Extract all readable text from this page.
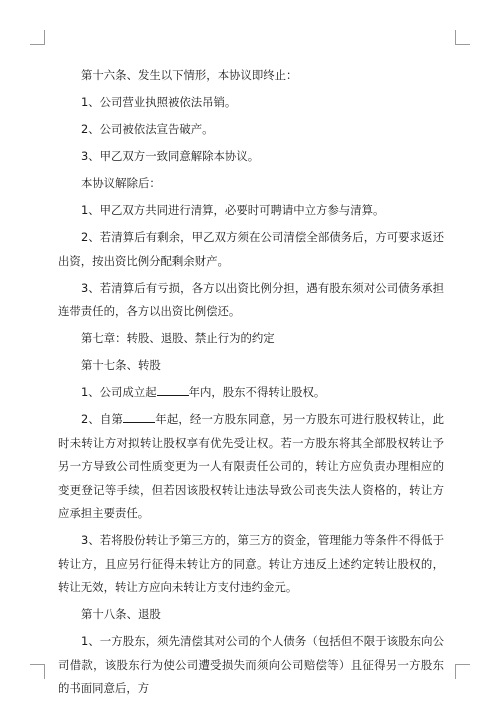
第十六条、发生以下情形，本协议即终止：

1、公司营业执照被依法吊销。

2、公司被依法宣告破产。

3、甲乙双方一致同意解除本协议。

本协议解除后：

1、甲乙双方共同进行清算，必要时可聘请中立方参与清算。

2、若清算后有剩余，甲乙双方须在公司清偿全部债务后，方可要求返还出资，按出资比例分配剩余财产。

3、若清算后有亏损，各方以出资比例分担，遇有股东须对公司债务承担连带责任的，各方以出资比例偿还。

第七章：转股、退股、禁止行为的约定

第十七条、转股

1、公司成立起	年内，股东不得转让股权。

2、自第	年起，经一方股东同意，另一方股东可进行股权转让，此时未转让方对拟转让股权享有优先受让权。若一方股东将其全部股权转让予另一方导致公司性质变更为一人有限责任公司的，转让方应负责办理相应的变更登记等手续，但若因该股权转让违法导致公司丧失法人资格的，转让方应承担主要责任。

3、若将股份转让予第三方的，第三方的资金，管理能力等条件不得低于转让方，且应另行征得未转让方的同意。转让方违反上述约定转让股权的，转让无效，转让方应向未转让方支付违约金元。

第十八条、退股

1、一方股东，须先清偿其对公司的个人债务（包括但不限于该股东向公司借款，该股东行为使公司遭受损失而须向公司赔偿等）且征得另一方股东的书面同意后，方
